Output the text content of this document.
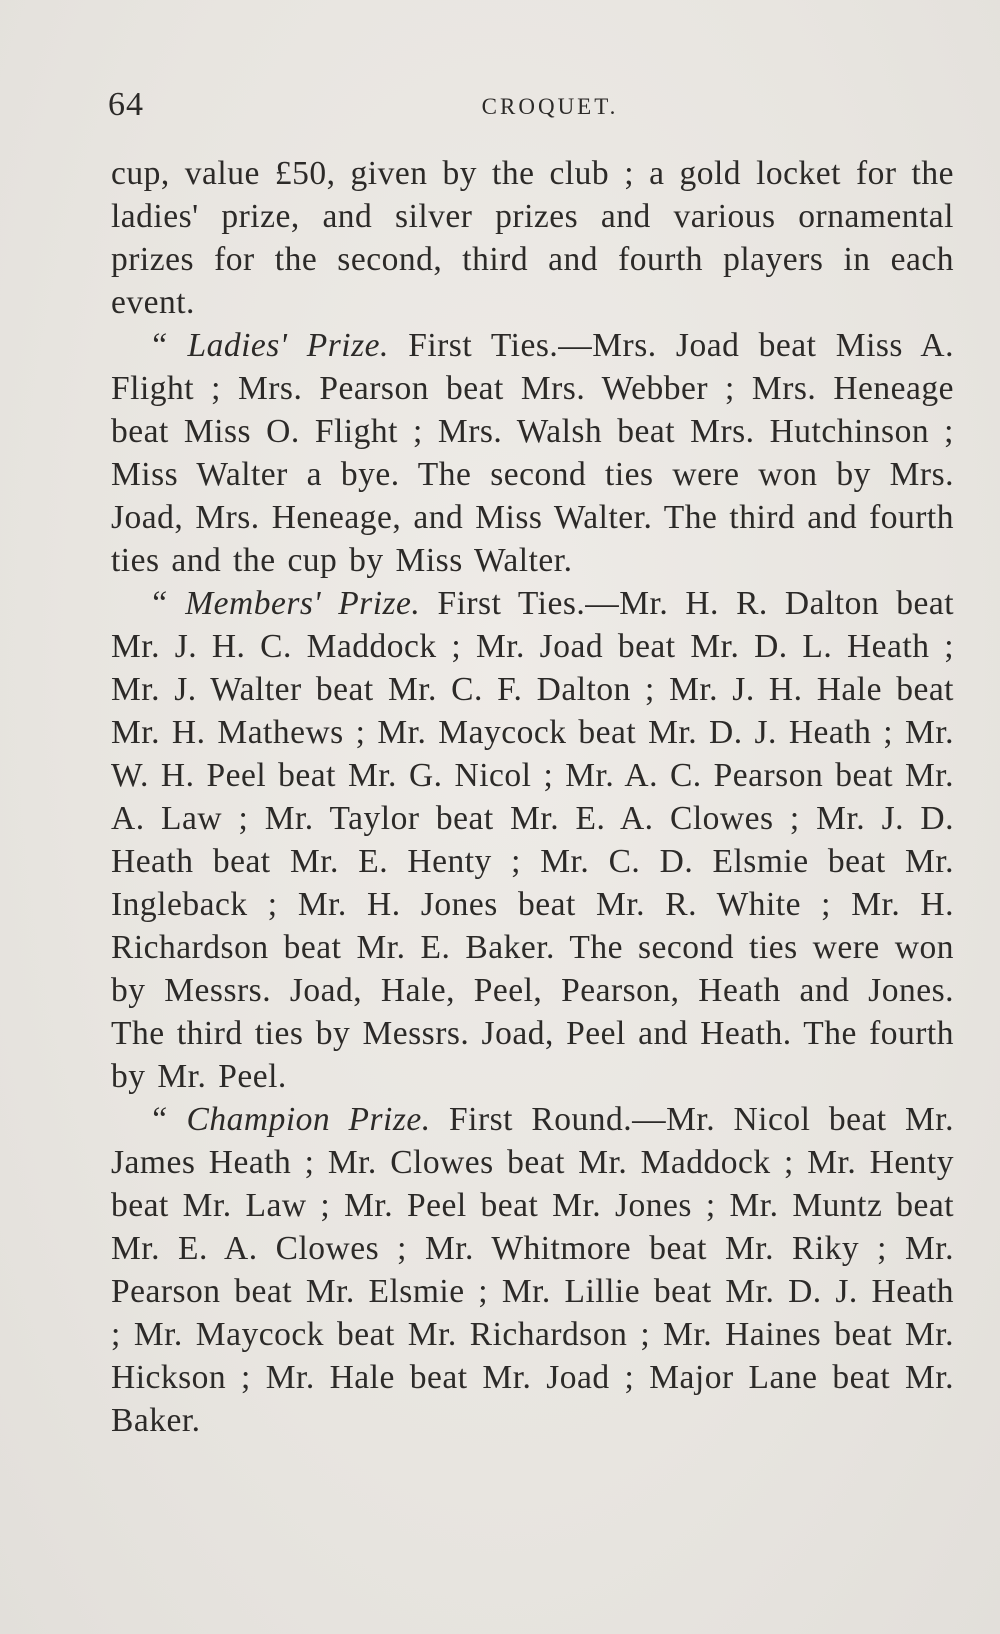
64	CROQUET.

cup, value £50, given by the club ; a gold locket for the ladies' prize, and silver prizes and various ornamental prizes for the second, third and fourth players in each event.

“ Ladies' Prize. First Ties.—Mrs. Joad beat Miss A. Flight ; Mrs. Pearson beat Mrs. Webber ; Mrs. Heneage beat Miss O. Flight ; Mrs. Walsh beat Mrs. Hutchinson ; Miss Walter a bye. The second ties were won by Mrs. Joad, Mrs. Heneage, and Miss Walter. The third and fourth ties and the cup by Miss Walter.

“ Members' Prize. First Ties.—Mr. H. R. Dalton beat Mr. J. H. C. Maddock ; Mr. Joad beat Mr. D. L. Heath ; Mr. J. Walter beat Mr. C. F. Dalton ; Mr. J. H. Hale beat Mr. H. Mathews ; Mr. Maycock beat Mr. D. J. Heath ; Mr. W. H. Peel beat Mr. G. Nicol ; Mr. A. C. Pearson beat Mr. A. Law ; Mr. Taylor beat Mr. E. A. Clowes ; Mr. J. D. Heath beat Mr. E. Henty ; Mr. C. D. Elsmie beat Mr. Ingleback ; Mr. H. Jones beat Mr. R. White ; Mr. H. Richardson beat Mr. E. Baker. The second ties were won by Messrs. Joad, Hale, Peel, Pearson, Heath and Jones. The third ties by Messrs. Joad, Peel and Heath. The fourth by Mr. Peel.

“ Champion Prize. First Round.—Mr. Nicol beat Mr. James Heath ; Mr. Clowes beat Mr. Maddock ; Mr. Henty beat Mr. Law ; Mr. Peel beat Mr. Jones ; Mr. Muntz beat Mr. E. A. Clowes ; Mr. Whitmore beat Mr. Riky ; Mr. Pearson beat Mr. Elsmie ; Mr. Lillie beat Mr. D. J. Heath ; Mr. Maycock beat Mr. Richardson ; Mr. Haines beat Mr. Hickson ; Mr. Hale beat Mr. Joad ; Major Lane beat Mr. Baker.
